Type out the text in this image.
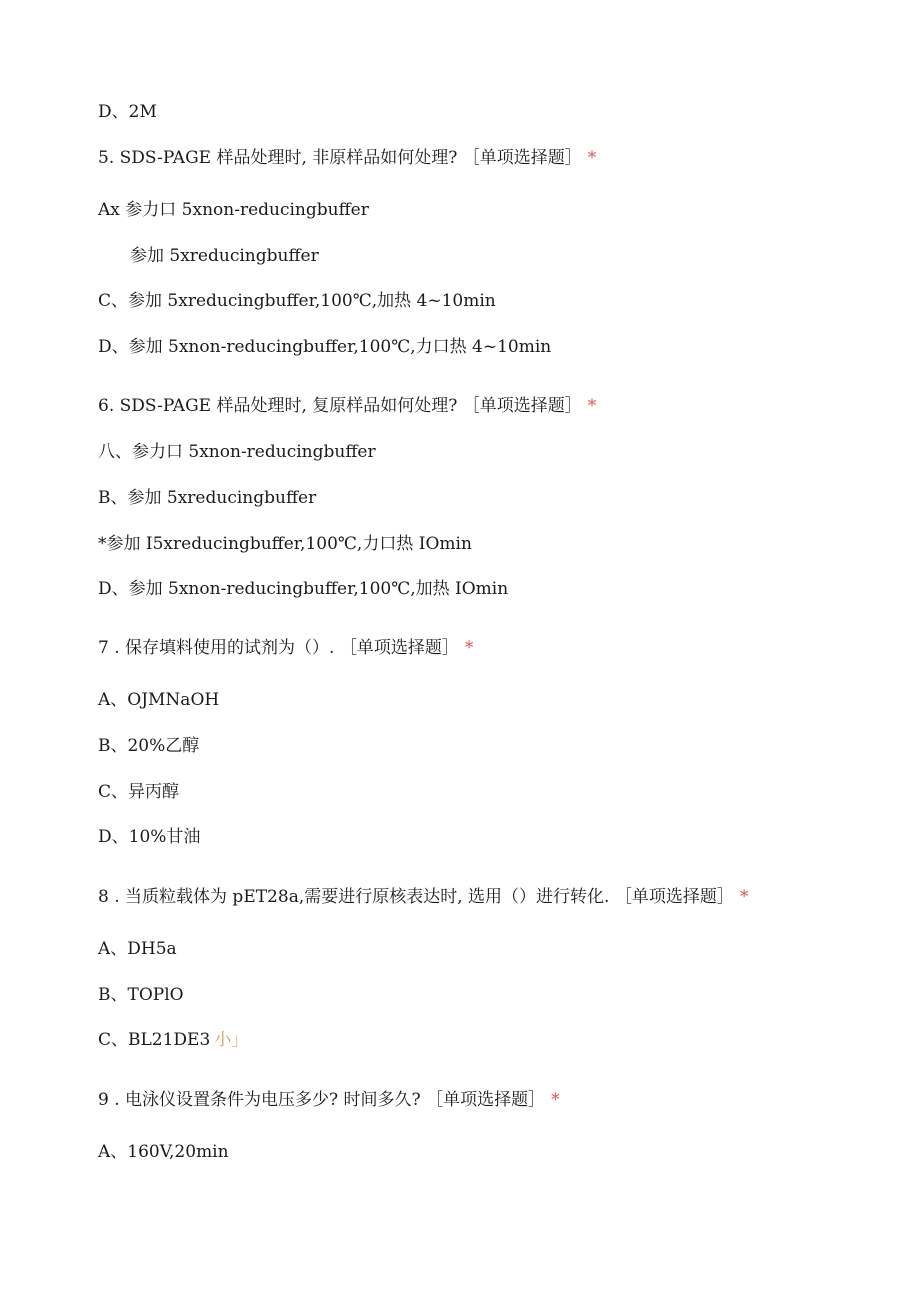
D、2M
5. SDS-PAGE 样品处理时, 非原样品如何处理? ［单项选择题］ *
Ax 参力口 5xnon-reducingbuffer
参加 5xreducingbuffer
C、参加 5xreducingbuffer,100℃,加热 4~10min
D、参加 5xnon-reducingbuffer,100℃,力口热 4~10min
6. SDS-PAGE 样品处理时, 复原样品如何处理? ［单项选择题］ *
八、参力口 5xnon-reducingbuffer
B、参加 5xreducingbuffer
*参加 I5xreducingbuffer,100℃,力口热 IOmin
D、参加 5xnon-reducingbuffer,100℃,加热 IOmin
7 . 保存填料使用的试剂为（）. ［单项选择题］ *
A、OJMNaOH
B、20%乙醇
C、异丙醇
D、10%甘油
8 . 当质粒载体为 pET28a,需要进行原核表达时, 选用（）进行转化. ［单项选择题］ *
A、DH5a
B、TOPlO
C、BL21DE3 小」
9 . 电泳仪设置条件为电压多少? 时间多久? ［单项选择题］ *
A、160V,20min
